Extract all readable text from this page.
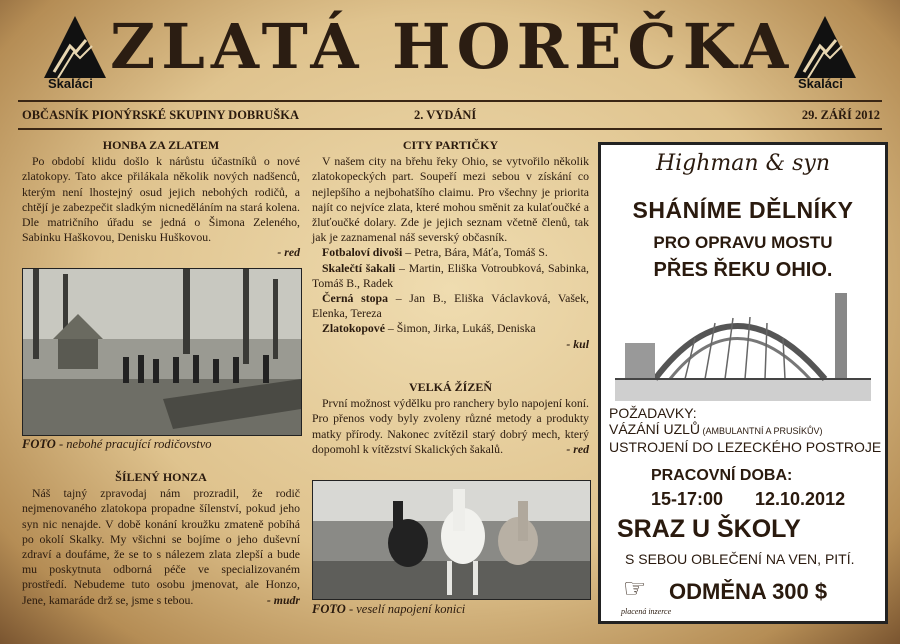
Skaláci	Skaláci
ZLATÁ HOREČKA
OBČASNÍK PIONÝRSKÉ SKUPINY DOBRUŠKA	2. VYDÁNÍ	29. ZÁŘÍ 2012
HONBA ZA ZLATEM

Po období klidu došlo k nárůstu účastníků o nové zlatokopy. Tato akce přilákala několik nových nadšenců, kterým není lhostejný osud jejich nebohých rodičů, a chtějí je zabezpečit sladkým nicneděláním na stará kolena. Dle matričního úřadu se jedná o Šimona Zeleného, Sabinku Haškovou, Denisku Huškovou.

- red
FOTO - nebohé pracující rodičovstvo
ŠÍLENÝ HONZA

Náš tajný zpravodaj nám prozradil, že rodič nejmenovaného zlatokopa propadne šílenství, pokud jeho syn nic nenajde. V době konání kroužku zmateně pobíhá po okolí Skalky. My všichni se bojíme o jeho duševní zdraví a doufáme, že se to s nálezem zlata zlepší a bude mu poskytnuta odborná péče ve specializovaném prostředí. Nebudeme tuto osobu jmenovat, ale Honzo, Jene, kamaráde drž se, jsme s tebou.	- mudr
CITY PARTIČKY

V našem city na břehu řeky Ohio, se vytvořilo několik zlatokopeckých part. Soupeří mezi sebou v získání co nejlepšího a nejbohatšího claimu. Pro všechny je priorita najít co nejvíce zlata, které mohou směnit za kulaťoučké a žluťoučké dolary. Zde je jejich seznam včetně členů, tak jak je zaznamenal náš severský občasník.

Fotbaloví divoši – Petra, Bára, Máťa, Tomáš S.

Skalečtí šakali – Martin, Eliška Votroubková, Sabinka, Tomáš B., Radek

Černá stopa – Jan B., Eliška Václavková, Vašek, Elenka, Tereza

Zlatokopové – Šimon, Jirka, Lukáš, Deniska

- kul
VELKÁ ŽÍZEŇ

První možnost výdělku pro ranchery bylo napojení koní. Pro přenos vody byly zvoleny různé metody a produkty matky přírody. Nakonec zvítězil starý dobrý mech, který dopomohl k vítězství Skalických šakalů.	- red
FOTO - veselí napojení konici
Highman & syn
SHÁNÍME DĚLNÍKY
PRO OPRAVU MOSTU
PŘES ŘEKU OHIO.
POŽADAVKY:
VÁZÁNÍ UZLŮ (AMBULANTNÍ A PRUSÍKŮV)
USTROJENÍ DO LEZECKÉHO POSTROJE
PRACOVNÍ DOBA:
15-17:00 12.10.2012
SRAZ U ŠKOLY
S SEBOU OBLEČENÍ NA VEN, PITÍ.
☞ ODMĚNA 300 $
placená inzerce
